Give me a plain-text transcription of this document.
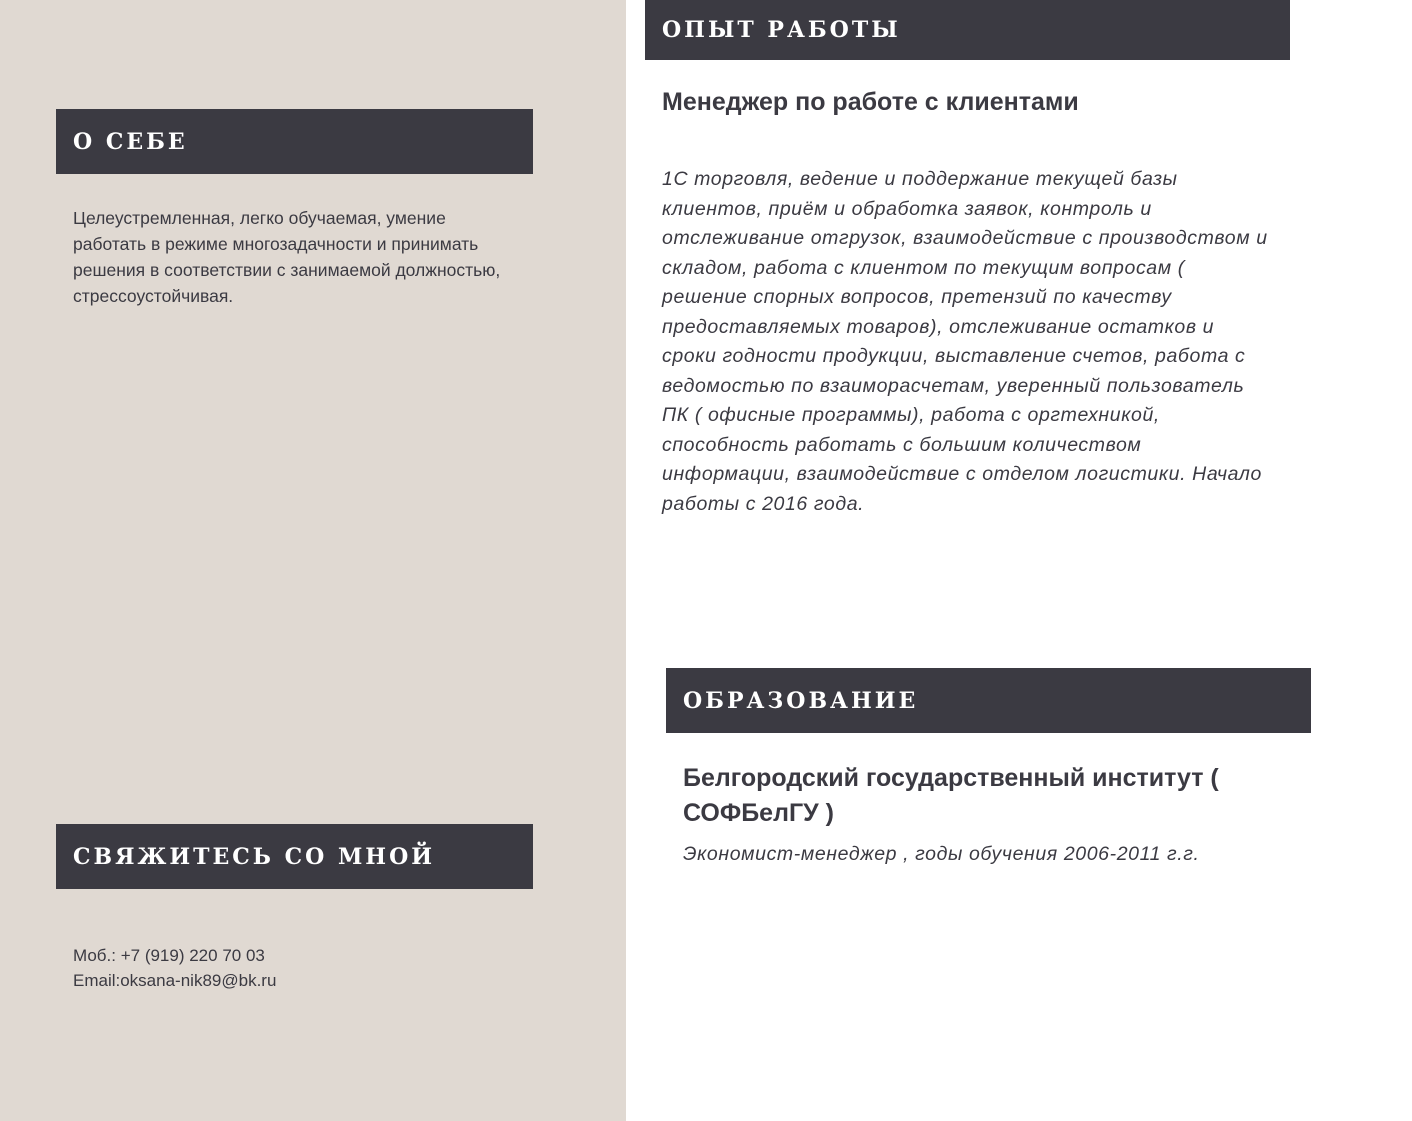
О СЕБЕ
Целеустремленная, легко обучаемая, умение работать в режиме многозадачности и принимать решения в соответствии с занимаемой должностью, стрессоустойчивая.
СВЯЖИТЕСЬ СО МНОЙ
Моб.: +7 (919) 220 70 03
Email:oksana-nik89@bk.ru
ОПЫТ РАБОТЫ
Менеджер по работе с клиентами
1С торговля, ведение и поддержание текущей базы клиентов, приём и обработка заявок, контроль и отслеживание отгрузок, взаимодействие с производством и складом, работа с клиентом по текущим вопросам ( решение спорных вопросов, претензий по качеству предоставляемых товаров), отслеживание остатков и сроки годности продукции, выставление счетов, работа с ведомостью по взаиморасчетам, уверенный пользователь ПК ( офисные программы), работа с оргтехникой, способность работать с большим количеством информации, взаимодействие с отделом логистики. Начало работы с 2016 года.
ОБРАЗОВАНИЕ
Белгородский государственный институт ( СОФБелГУ )
Экономист-менеджер , годы обучения 2006-2011 г.г.
